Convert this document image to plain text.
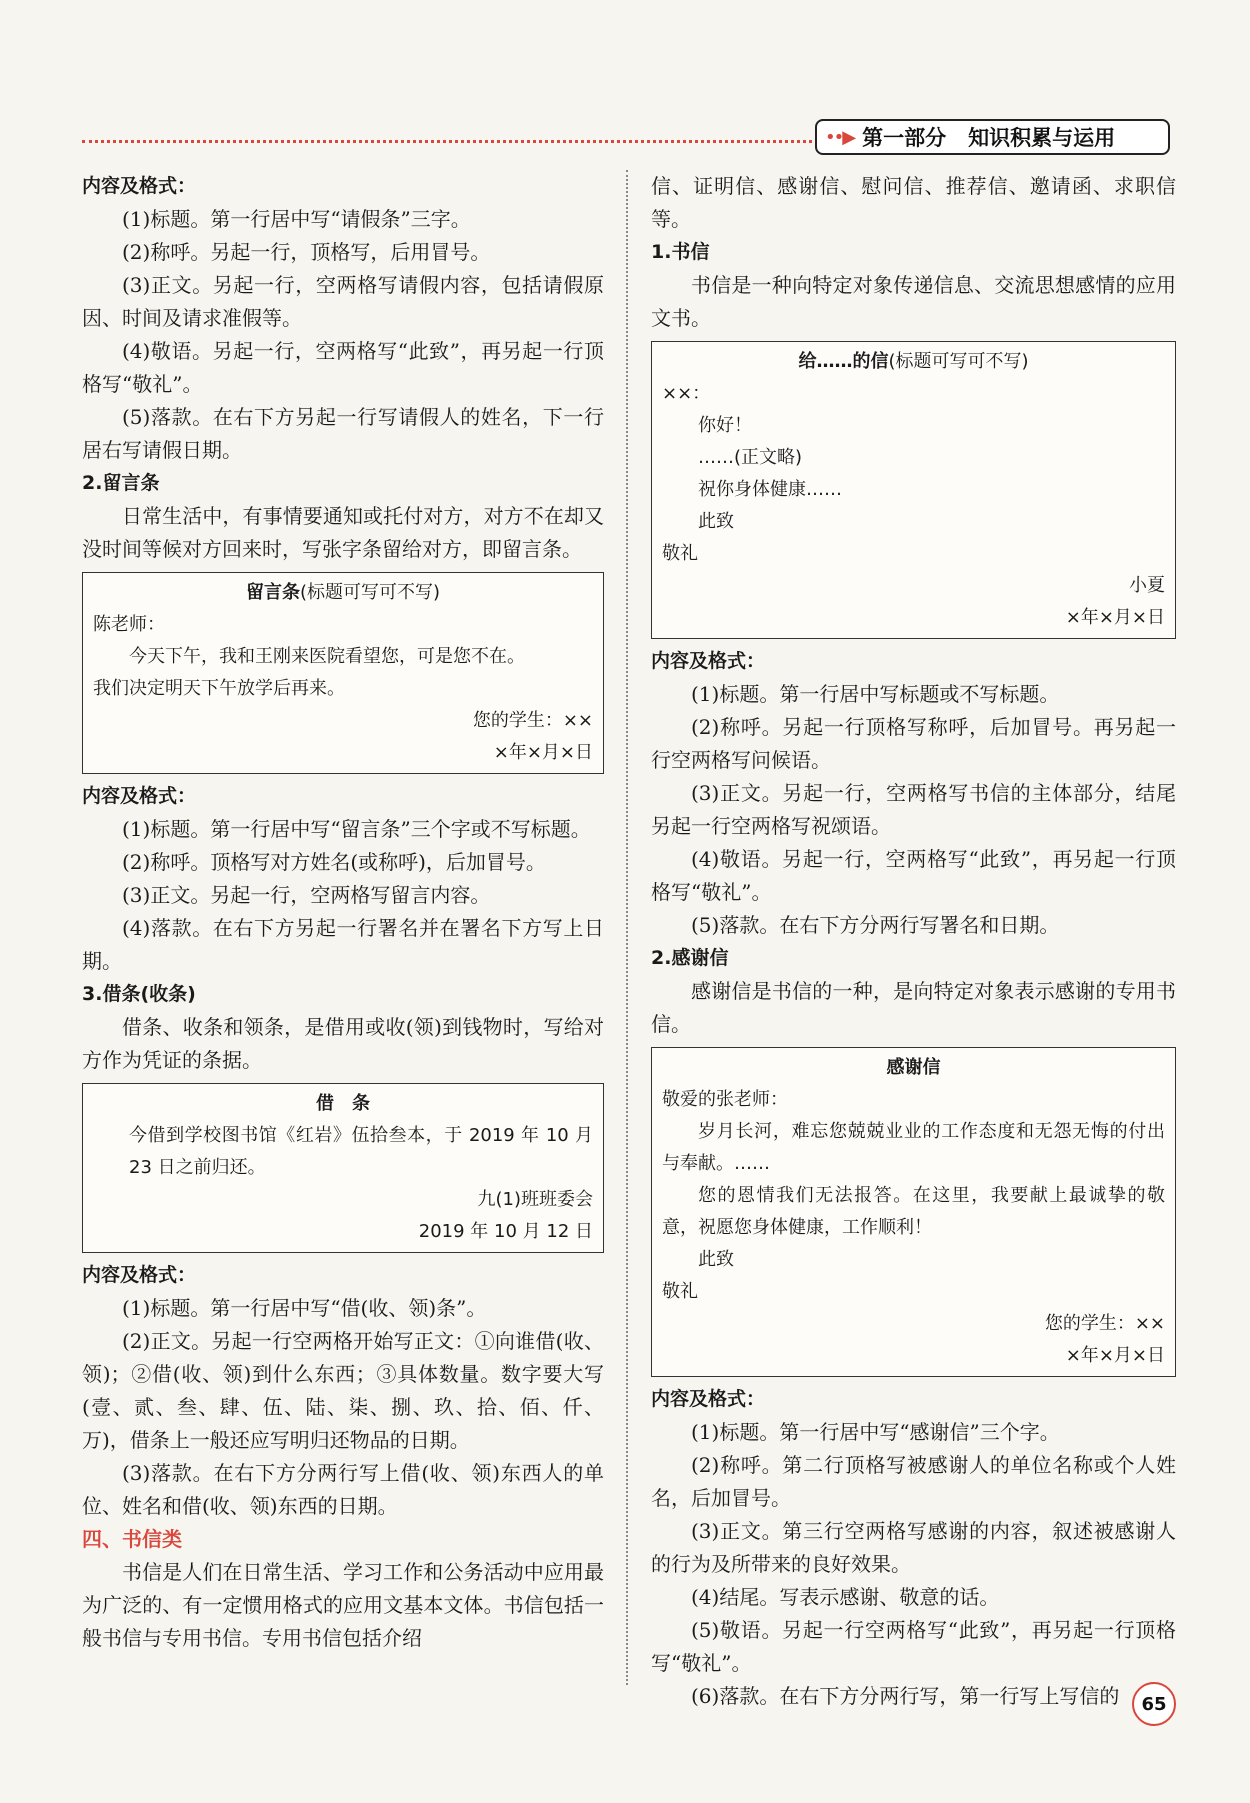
••▶ 第一部分 知识积累与运用

内容及格式：

(1)标题。第一行居中写“请假条”三字。

(2)称呼。另起一行，顶格写，后用冒号。

(3)正文。另起一行，空两格写请假内容，包括请假原因、时间及请求准假等。

(4)敬语。另起一行，空两格写“此致”，再另起一行顶格写“敬礼”。

(5)落款。在右下方另起一行写请假人的姓名，下一行居右写请假日期。

2.留言条

日常生活中，有事情要通知或托付对方，对方不在却又没时间等候对方回来时，写张字条留给对方，即留言条。

留言条(标题可写可不写)

陈老师：

今天下午，我和王刚来医院看望您，可是您不在。

我们决定明天下午放学后再来。

您的学生：××

×年×月×日

内容及格式：

(1)标题。第一行居中写“留言条”三个字或不写标题。

(2)称呼。顶格写对方姓名(或称呼)，后加冒号。

(3)正文。另起一行，空两格写留言内容。

(4)落款。在右下方另起一行署名并在署名下方写上日期。

3.借条(收条)

借条、收条和领条，是借用或收(领)到钱物时，写给对方作为凭证的条据。

借　条

今借到学校图书馆《红岩》伍拾叁本，于 2019 年 10 月 23 日之前归还。

九(1)班班委会

2019 年 10 月 12 日

内容及格式：

(1)标题。第一行居中写“借(收、领)条”。

(2)正文。另起一行空两格开始写正文：①向谁借(收、领)；②借(收、领)到什么东西；③具体数量。数字要大写(壹、贰、叁、肆、伍、陆、柒、捌、玖、拾、佰、仟、万)，借条上一般还应写明归还物品的日期。

(3)落款。在右下方分两行写上借(收、领)东西人的单位、姓名和借(收、领)东西的日期。

四、书信类

书信是人们在日常生活、学习工作和公务活动中应用最为广泛的、有一定惯用格式的应用文基本文体。书信包括一般书信与专用书信。专用书信包括介绍

信、证明信、感谢信、慰问信、推荐信、邀请函、求职信等。

1.书信

书信是一种向特定对象传递信息、交流思想感情的应用文书。

给……的信(标题可写可不写)

××：

你好！

……(正文略)

祝你身体健康……

此致

敬礼

小夏

×年×月×日

内容及格式：

(1)标题。第一行居中写标题或不写标题。

(2)称呼。另起一行顶格写称呼，后加冒号。再另起一行空两格写问候语。

(3)正文。另起一行，空两格写书信的主体部分，结尾另起一行空两格写祝颂语。

(4)敬语。另起一行，空两格写“此致”，再另起一行顶格写“敬礼”。

(5)落款。在右下方分两行写署名和日期。

2.感谢信

感谢信是书信的一种，是向特定对象表示感谢的专用书信。

感谢信

敬爱的张老师：

岁月长河，难忘您兢兢业业的工作态度和无怨无悔的付出与奉献。……

您的恩情我们无法报答。在这里，我要献上最诚挚的敬意，祝愿您身体健康，工作顺利！

此致

敬礼

您的学生：××

×年×月×日

内容及格式：

(1)标题。第一行居中写“感谢信”三个字。

(2)称呼。第二行顶格写被感谢人的单位名称或个人姓名，后加冒号。

(3)正文。第三行空两格写感谢的内容，叙述被感谢人的行为及所带来的良好效果。

(4)结尾。写表示感谢、敬意的话。

(5)敬语。另起一行空两格写“此致”，再另起一行顶格写“敬礼”。

(6)落款。在右下方分两行写，第一行写上写信的	65
